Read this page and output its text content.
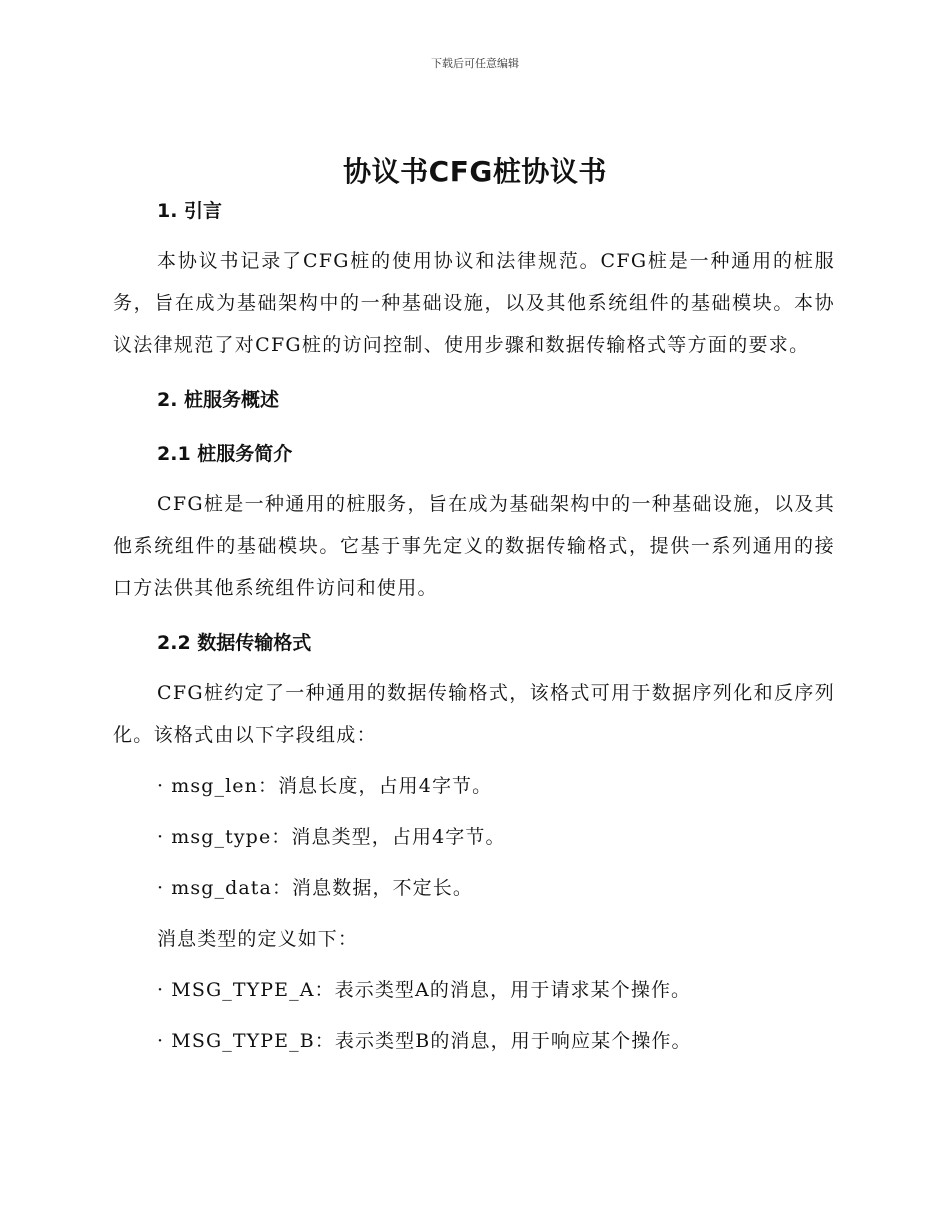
下载后可任意编辑
协议书CFG桩协议书
1. 引言

本协议书记录了CFG桩的使用协议和法律规范。CFG桩是一种通用的桩服务，旨在成为基础架构中的一种基础设施，以及其他系统组件的基础模块。本协议法律规范了对CFG桩的访问控制、使用步骤和数据传输格式等方面的要求。

2. 桩服务概述
2.1 桩服务简介

CFG桩是一种通用的桩服务，旨在成为基础架构中的一种基础设施，以及其他系统组件的基础模块。它基于事先定义的数据传输格式，提供一系列通用的接口方法供其他系统组件访问和使用。

2.2 数据传输格式

CFG桩约定了一种通用的数据传输格式，该格式可用于数据序列化和反序列化。该格式由以下字段组成：

· msg_len：消息长度，占用4字节。

· msg_type：消息类型，占用4字节。

· msg_data：消息数据，不定长。

消息类型的定义如下：

· MSG_TYPE_A：表示类型A的消息，用于请求某个操作。

· MSG_TYPE_B：表示类型B的消息，用于响应某个操作。
